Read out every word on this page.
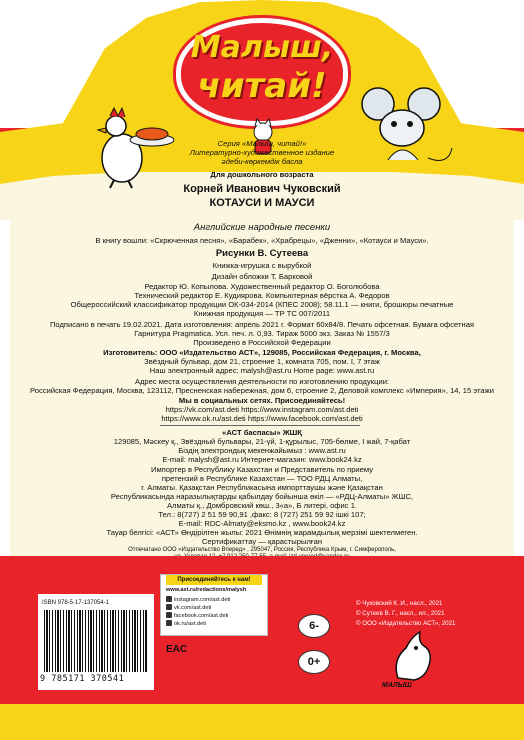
Малыш,
читай!
Серия «Малыш, читай!»
Литературно-художественное издание
әдеби-көркемдік басла
Для дошкольного возраста
Корней Иванович Чуковский
КОТАУСИ И МАУСИ
Английские народные песенки
В книгу вошли: «Скрюченная песня», «Барабек», «Храбрецы», «Дженни», «Котауси и Мауси».
Рисунки В. Сутеева
Книжка-игрушка с вырубкой
Дизайн обложки Т. Барковой
Редактор Ю. Копылова. Художественный редактор О. Боголюбова
Технический редактор Е. Кудиярова. Компьютерная вёрстка А. Федоров
Общероссийский классификатор продукции ОК-034-2014 (КПЕС 2008); 58.11.1 — книги, брошюры печатные
Книжная продукция — ТР ТС 007/2011
Подписано в печать 19.02.2021. Дата изготовления: апрель 2021 г. Формат 60x84/8. Печать офсетная. Бумага офсетная
Гарнитура Pragmatica. Усл. печ. л. 0,93. Тираж 5000 экз. Заказ № 1557/3
Произведено в Российской Федерации
Изготовитель: ООО «Издательство АСТ», 129085, Российская Федерация, г. Москва,
Звёздный бульвар, дом 21, строение 1, комната 705, пом. I, 7 этаж
Наш электронный адрес: malysh@ast.ru Home page: www.ast.ru
Адрес места осуществления деятельности по изготовлению продукции:
Российская Федерация, Москва, 123112, Пресненская набережная, дом 6, строение 2, Деловой комплекс «Империя», 14, 15 этажи
Мы в социальных сетях. Присоединяйтесь!
https://vk.com/ast.deti https://www.instagram.com/ast.deti
https://www.ok.ru/ast.deti https://www.facebook.com/ast.deti
«АСТ баспасы» ЖШҚ
129085, Мәскеу қ., Звёздный бульвары, 21-үй, 1-құрылыс, 705-бөлме, I жай, 7-қабат
Біздің электрондық мекенжайымыз : www.ast.ru
E-mail: malysh@ast.ru Интернет-магазин: www.book24.kz
Импортер в Республику Казахстан и Представитель по приему
претензий в Республике Казахстан — ТОО РДЦ Алматы,
г. Алматы. Қазақстан Республикасына импорттаушы және Қазақстан
Республикасында наразылықтарды қабылдау бойынша өкіл — «РДЦ-Алматы» ЖШС,
Алматы қ., Домбровский көш., 3«а», Б литері, офис 1.
Тел.: 8(727) 2 51 59 90,91 ,факс: 8 (727) 251 59 92 ішкі 107;
E-mail: RDC-Almaty@eksmo.kz , www.book24.kz
Тауар белгісі: «АСТ» Өндірілген жылы: 2021 Өнімнің жарамдылық мерзімі шектелмеген.
Сертификаттау — қарастырылған
Отпечатано ООО «Издательство Вперед» , 295047, Россия, Республика Крым, г. Симферополь,
Присоединяйтесь к нам!
www.ast.ru/redactions/malysh
instagram.com/ast.deti
vk.com/ast.deti
facebook.com/ast.deti
ok.ru/ast.deti
ISBN 978-5-17-137054-1
9 785171 370541
EAC
6-
0+
© Чуковский К. И., насл., 2021
© Сутеев В. Г., насл., ил., 2021
© ООО «Издательство АСТ», 2021
МАЛЫШ
